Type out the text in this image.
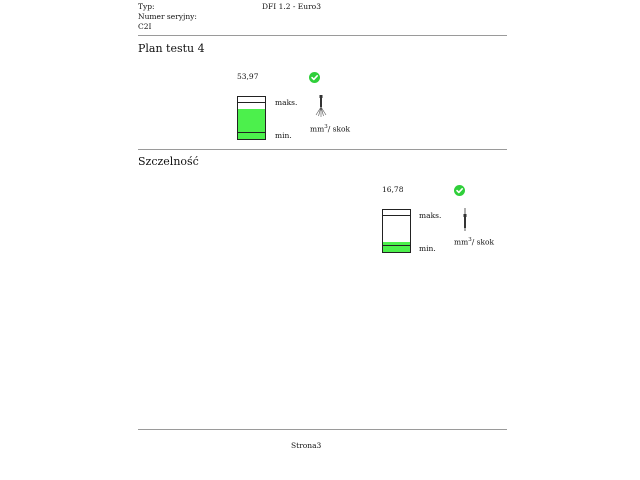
Typ:	DFI 1.2 - Euro3
Numer seryjny:
C2I
Plan testu 4
53,97
maks.
min.
$mm^3/$ skok
Szczelność
16,78
maks.
min.
$mm^3/$ skok
Strona3
